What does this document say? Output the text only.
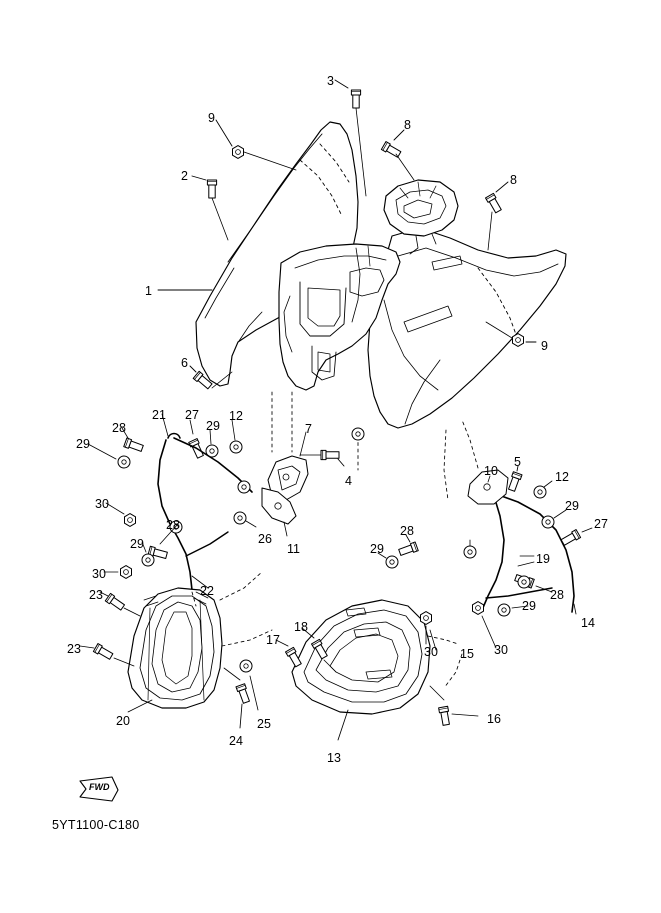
FWD
5YT1100-C180
3
9	8
2	8
1
9
6
21 27 12
29
28	7
29
4
10
5
12
30	29
28	27
26
11
29
28
19
29
30
28
22
23
29
14
18
17
23	30 15 30
16
20	25
24
13
